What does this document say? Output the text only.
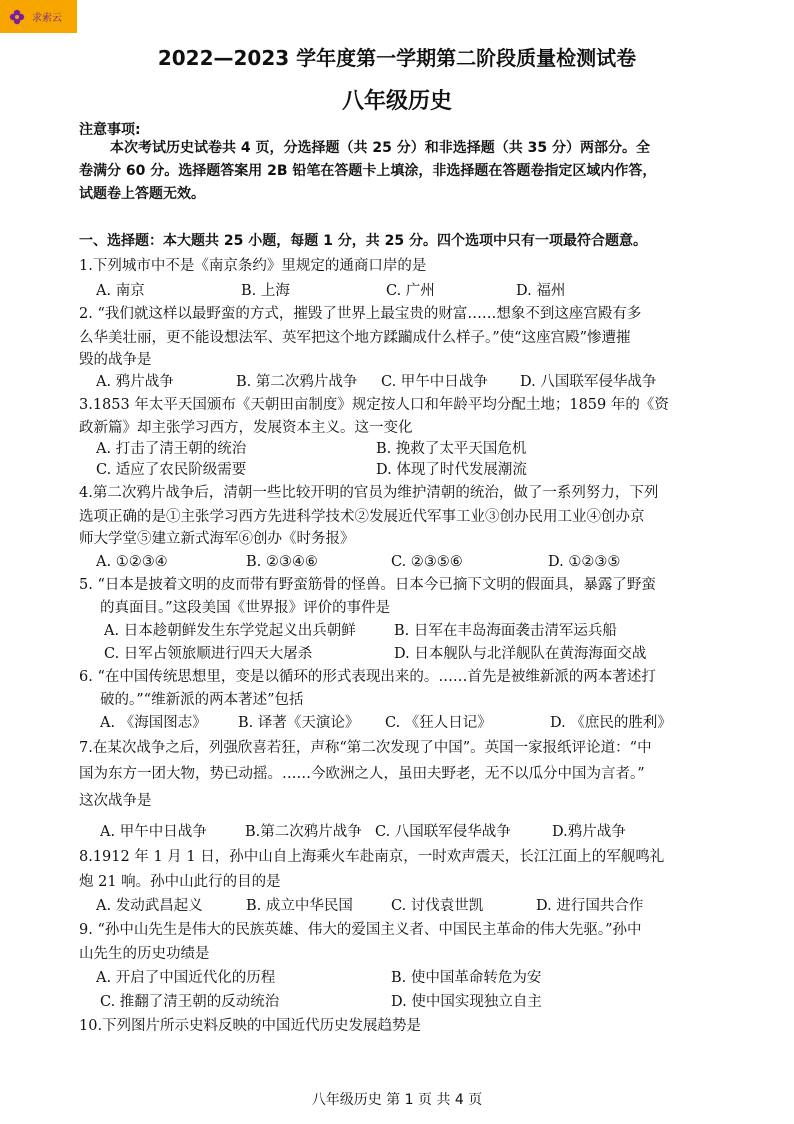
求索云
2022—2023 学年度第一学期第二阶段质量检测试卷
八年级历史
注意事项:
本次考试历史试卷共 4 页，分选择题（共 25 分）和非选择题（共 35 分）两部分。全
卷满分 60 分。选择题答案用 2B 铅笔在答题卡上填涂，非选择题在答题卷指定区域内作答，
试题卷上答题无效。
一、选择题：本大题共 25 小题，每题 1 分，共 25 分。四个选项中只有一项最符合题意。
1.下列城市中不是《南京条约》里规定的通商口岸的是
A. 南京	B. 上海	C. 广州	D. 福州
2. “我们就这样以最野蛮的方式，摧毁了世界上最宝贵的财富……想象不到这座宫殿有多
么华美壮丽，更不能设想法军、英军把这个地方蹂躏成什么样子。”使“这座宫殿”惨遭摧
毁的战争是
A. 鸦片战争	B. 第二次鸦片战争 C. 甲午中日战争 D. 八国联军侵华战争
3.1853 年太平天国颁布《天朝田亩制度》规定按人口和年龄平均分配土地；1859 年的《资
政新篇》却主张学习西方，发展资本主义。这一变化
A. 打击了清王朝的统治	B. 挽救了太平天国危机
C. 适应了农民阶级需要	D. 体现了时代发展潮流
4.第二次鸦片战争后，清朝一些比较开明的官员为维护清朝的统治，做了一系列努力，下列
选项正确的是①主张学习西方先进科学技术②发展近代军事工业③创办民用工业④创办京
师大学堂⑤建立新式海军⑥创办《时务报》
A. ①②③④	B. ②③④⑥	C. ②③⑤⑥	D. ①②③⑤
5. “日本是披着文明的皮而带有野蛮筋骨的怪兽。日本今已摘下文明的假面具，暴露了野蛮
的真面目。”这段美国《世界报》评价的事件是
A. 日本趁朝鲜发生东学党起义出兵朝鲜	B. 日军在丰岛海面袭击清军运兵船
C. 日军占领旅顺进行四天大屠杀	D. 日本舰队与北洋舰队在黄海海面交战
6. “在中国传统思想里，变是以循环的形式表现出来的。……首先是被维新派的两本著述打
破的。”“维新派的两本著述”包括
A. 《海国图志》 B. 译著《天演论》 C. 《狂人日记》	D. 《庶民的胜利》
7.在某次战争之后，列强欣喜若狂，声称“第二次发现了中国”。英国一家报纸评论道：“中
国为东方一团大物，势已动摇。……今欧洲之人，虽田夫野老，无不以瓜分中国为言者。”
这次战争是
A. 甲午中日战争	B.第二次鸦片战争 C. 八国联军侵华战争	D.鸦片战争
8.1912 年 1 月 1 日，孙中山自上海乘火车赴南京，一时欢声震天，长江江面上的军舰鸣礼
炮 21 响。孙中山此行的目的是
A. 发动武昌起义	B. 成立中华民国	C. 讨伐袁世凯	D. 进行国共合作
9. “孙中山先生是伟大的民族英雄、伟大的爱国主义者、中国民主革命的伟大先驱。”孙中
山先生的历史功绩是
A. 开启了中国近代化的历程	B. 使中国革命转危为安
C. 推翻了清王朝的反动统治	D. 使中国实现独立自主
10.下列图片所示史料反映的中国近代历史发展趋势是
八年级历史 第 1 页 共 4 页
